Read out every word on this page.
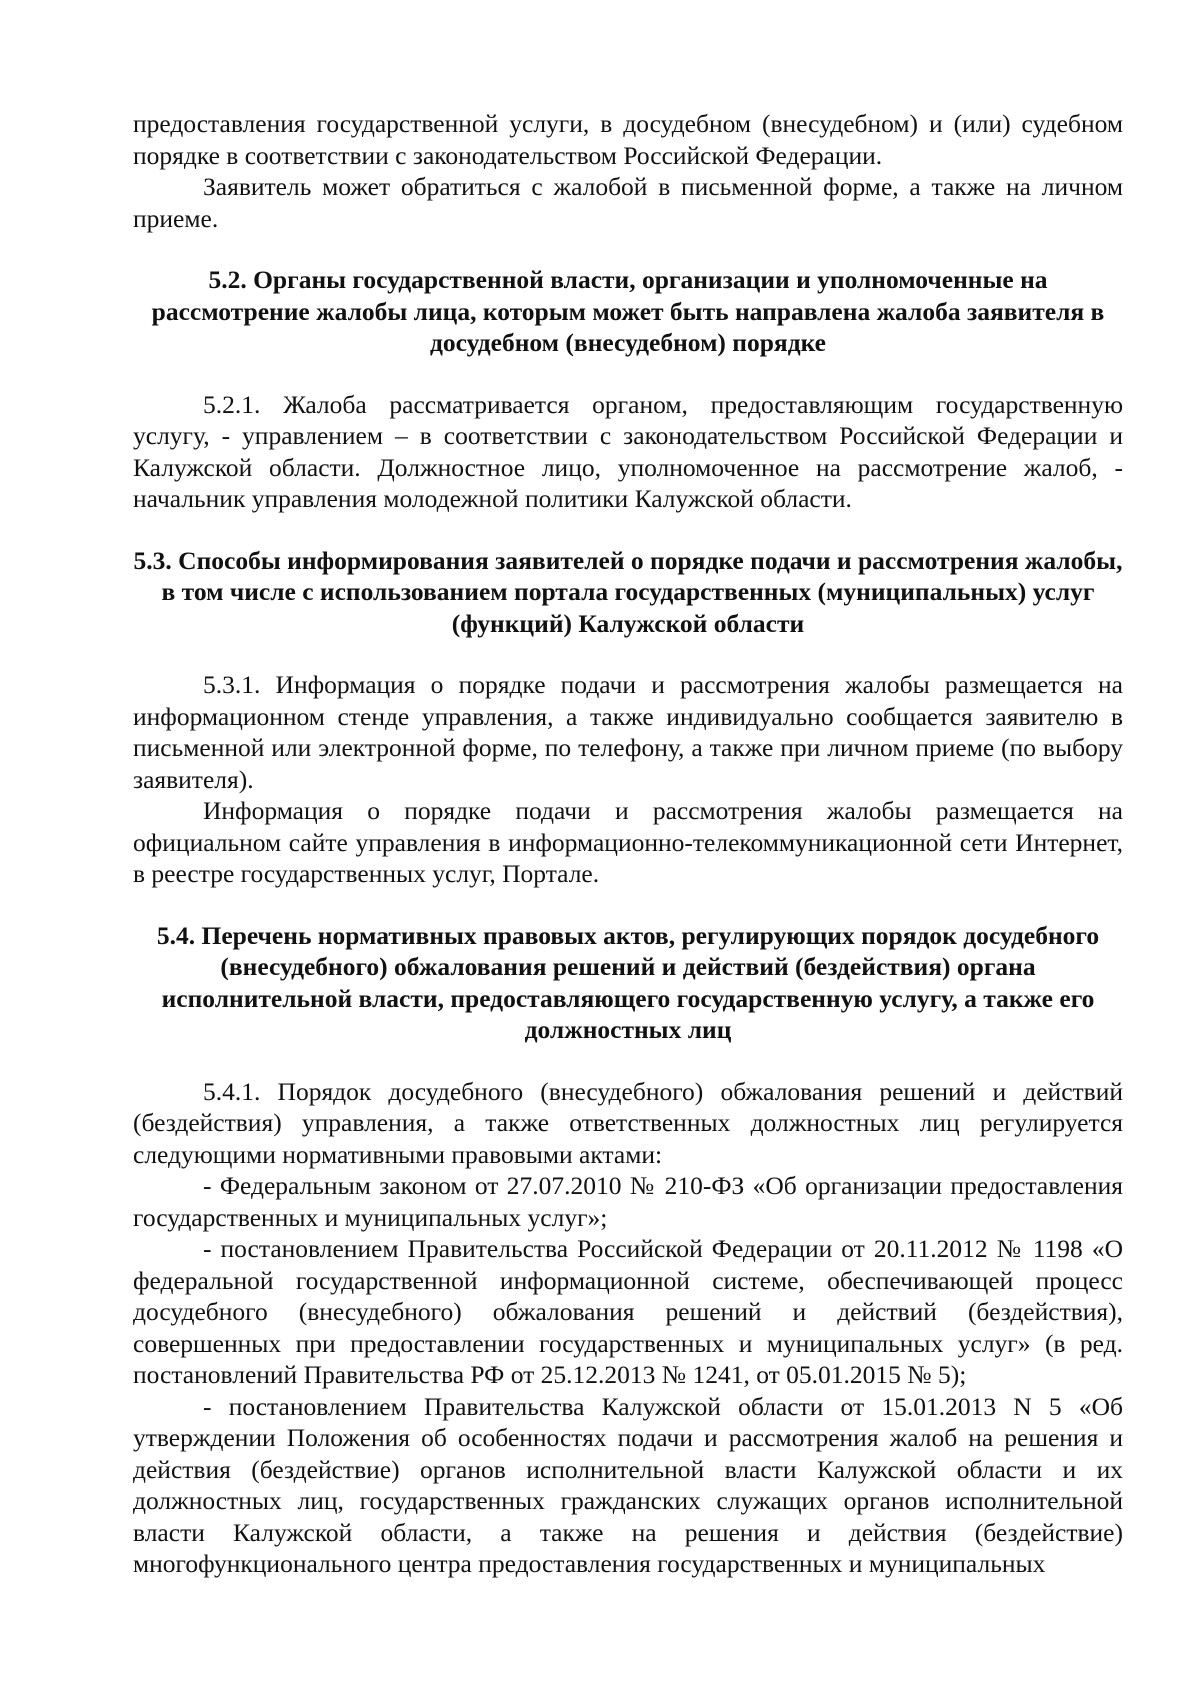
предоставления государственной услуги, в досудебном (внесудебном) и (или) судебном порядке в соответствии с законодательством Российской Федерации.

Заявитель может обратиться с жалобой в письменной форме, а также на личном приеме.

5.2. Органы государственной власти, организации и уполномоченные на рассмотрение жалобы лица, которым может быть направлена жалоба заявителя в досудебном (внесудебном) порядке

5.2.1. Жалоба рассматривается органом, предоставляющим государственную услугу, - управлением – в соответствии с законодательством Российской Федерации и Калужской области. Должностное лицо, уполномоченное на рассмотрение жалоб, - начальник управления молодежной политики Калужской области.

5.3. Способы информирования заявителей о порядке подачи и рассмотрения жалобы, в том числе с использованием портала государственных (муниципальных) услуг (функций) Калужской области

5.3.1. Информация о порядке подачи и рассмотрения жалобы размещается на информационном стенде управления, а также индивидуально сообщается заявителю в письменной или электронной форме, по телефону, а также при личном приеме (по выбору заявителя).

Информация о порядке подачи и рассмотрения жалобы размещается на официальном сайте управления в информационно-телекоммуникационной сети Интернет, в реестре государственных услуг, Портале.

5.4. Перечень нормативных правовых актов, регулирующих порядок досудебного (внесудебного) обжалования решений и действий (бездействия) органа исполнительной власти, предоставляющего государственную услугу, а также его должностных лиц

5.4.1. Порядок досудебного (внесудебного) обжалования решений и действий (бездействия) управления, а также ответственных должностных лиц регулируется следующими нормативными правовыми актами:

- Федеральным законом от 27.07.2010 № 210-ФЗ «Об организации предоставления государственных и муниципальных услуг»;

- постановлением Правительства Российской Федерации от 20.11.2012 № 1198 «О федеральной государственной информационной системе, обеспечивающей процесс досудебного (внесудебного) обжалования решений и действий (бездействия), совершенных при предоставлении государственных и муниципальных услуг» (в ред. постановлений Правительства РФ от 25.12.2013 № 1241, от 05.01.2015 № 5);

- постановлением Правительства Калужской области от 15.01.2013 N 5 «Об утверждении Положения об особенностях подачи и рассмотрения жалоб на решения и действия (бездействие) органов исполнительной власти Калужской области и их должностных лиц, государственных гражданских служащих органов исполнительной власти Калужской области, а также на решения и действия (бездействие) многофункционального центра предоставления государственных и муниципальных
